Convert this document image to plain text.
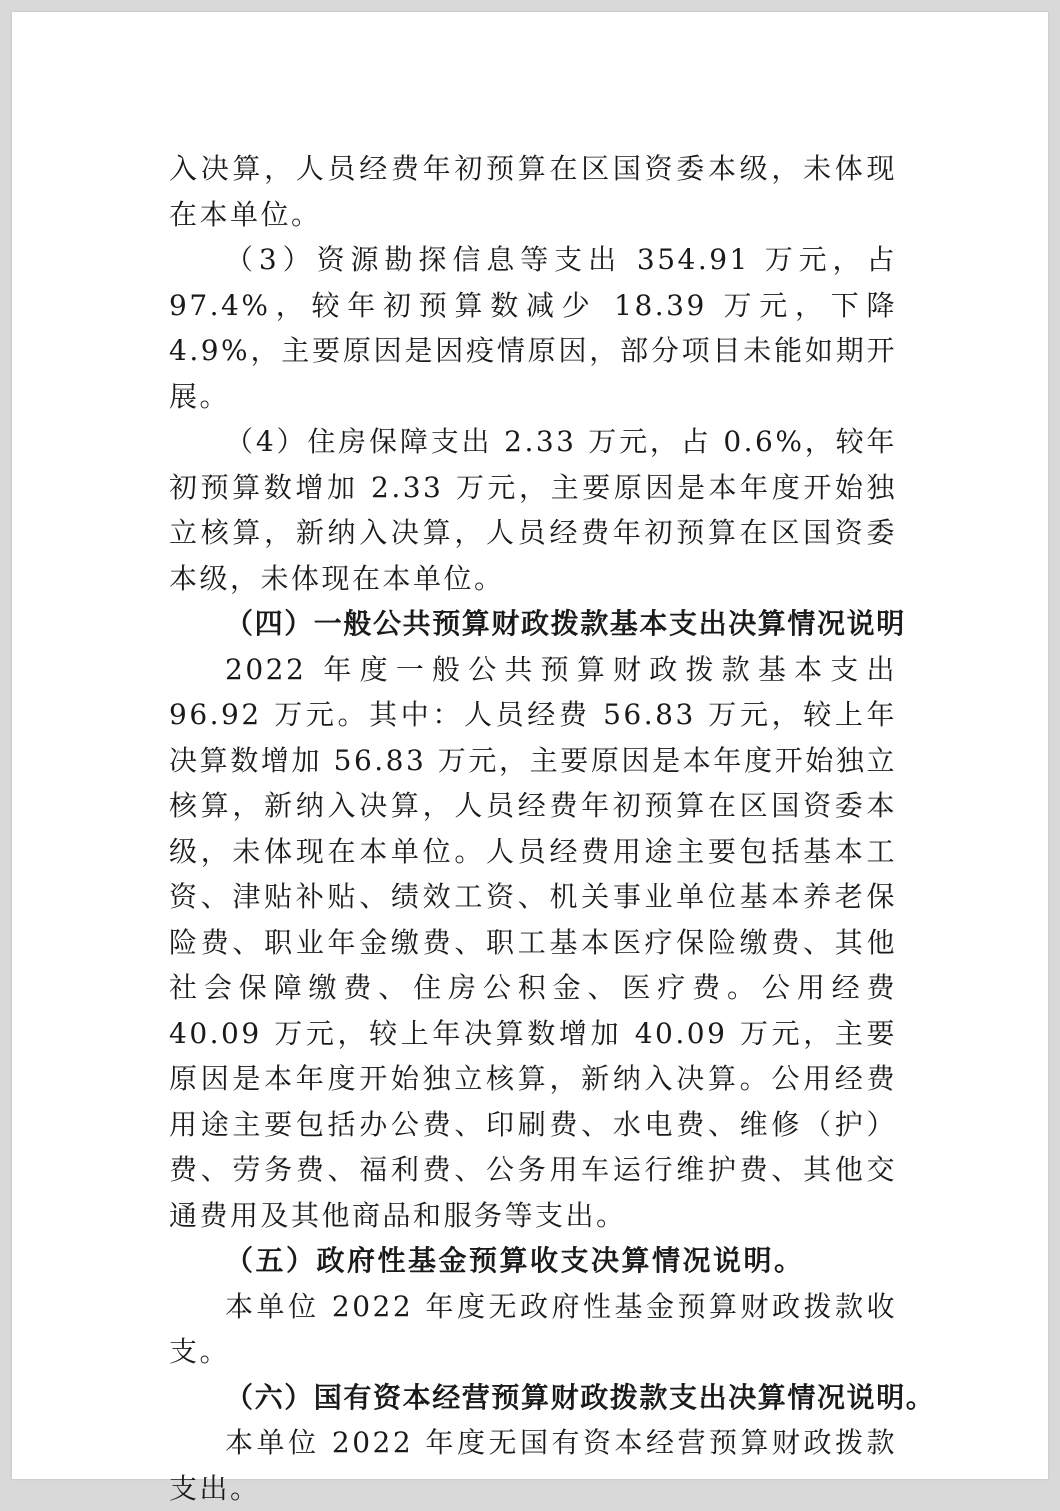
入决算，人员经费年初预算在区国资委本级，未体现在本单位。

（3）资源勘探信息等支出 354.91 万元，占 97.4%，较年初预算数减少 18.39 万元，下降 4.9%，主要原因是因疫情原因，部分项目未能如期开展。

（4）住房保障支出 2.33 万元，占 0.6%，较年初预算数增加 2.33 万元，主要原因是本年度开始独立核算，新纳入决算，人员经费年初预算在区国资委本级，未体现在本单位。

（四）一般公共预算财政拨款基本支出决算情况说明

2022 年度一般公共预算财政拨款基本支出 96.92 万元。其中：人员经费 56.83 万元，较上年决算数增加 56.83 万元，主要原因是本年度开始独立核算，新纳入决算，人员经费年初预算在区国资委本级，未体现在本单位。人员经费用途主要包括基本工资、津贴补贴、绩效工资、机关事业单位基本养老保险费、职业年金缴费、职工基本医疗保险缴费、其他社会保障缴费、住房公积金、医疗费。公用经费 40.09 万元，较上年决算数增加 40.09 万元，主要原因是本年度开始独立核算，新纳入决算。公用经费用途主要包括办公费、印刷费、水电费、维修（护）费、劳务费、福利费、公务用车运行维护费、其他交通费用及其他商品和服务等支出。

（五）政府性基金预算收支决算情况说明。

本单位 2022 年度无政府性基金预算财政拨款收支。

（六）国有资本经营预算财政拨款支出决算情况说明。

本单位 2022 年度无国有资本经营预算财政拨款支出。
